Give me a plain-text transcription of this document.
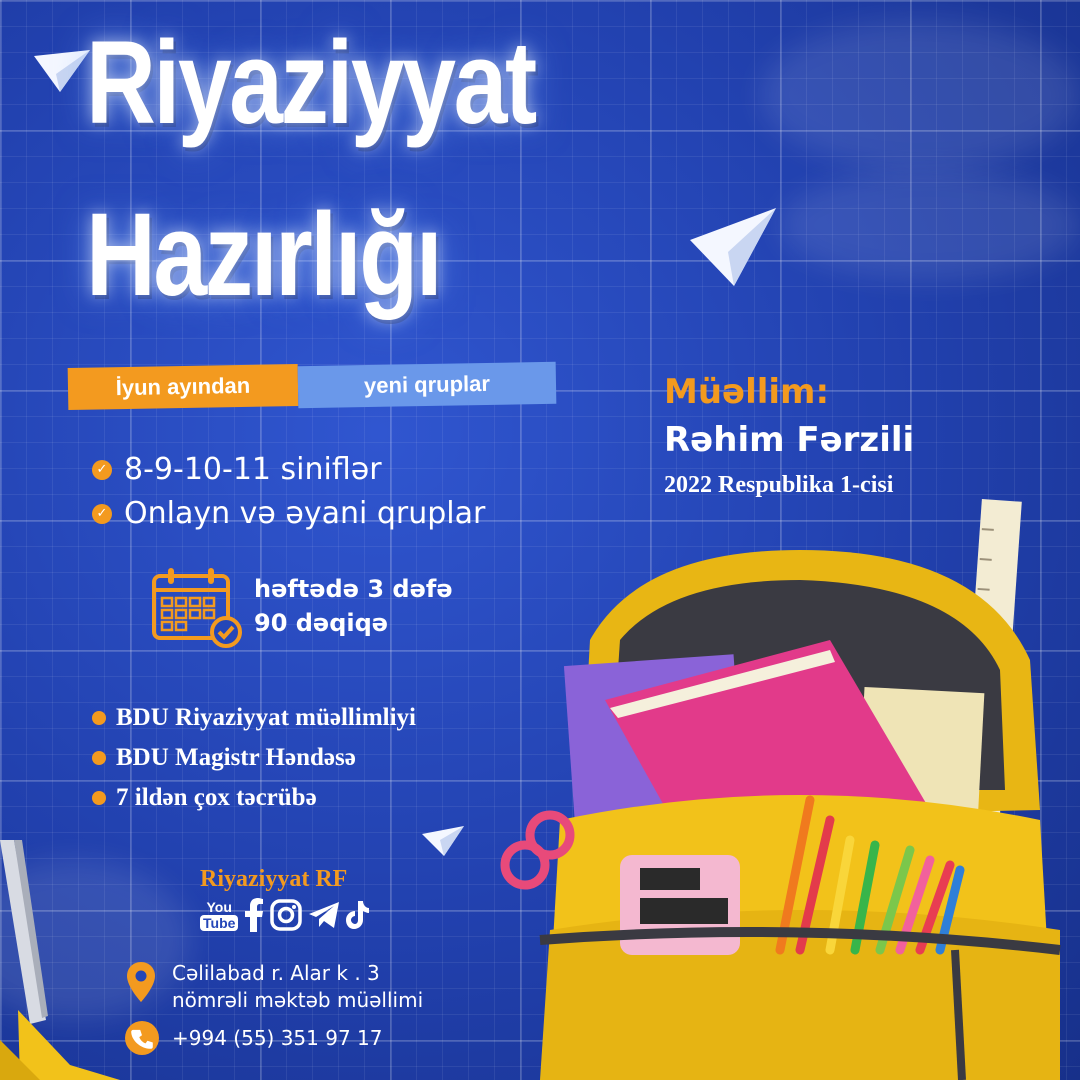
Riyaziyyat
Hazırlığı
İyun ayından	yeni qruplar
✓ 8-9-10-11 siniflər
✓ Onlayn və əyani qruplar
həftədə 3 dəfə
90 dəqiqə
BDU Riyaziyyat müəllimliyi
BDU Magistr Həndəsə
7 ildən çox təcrübə
Müəllim:
Rəhim Fərzili
2022 Respublika 1-cisi
Riyaziyyat RF
You
Tube
Cəlilabad r. Alar k . 3
nömrəli məktəb müəllimi
+994 (55) 351 97 17
